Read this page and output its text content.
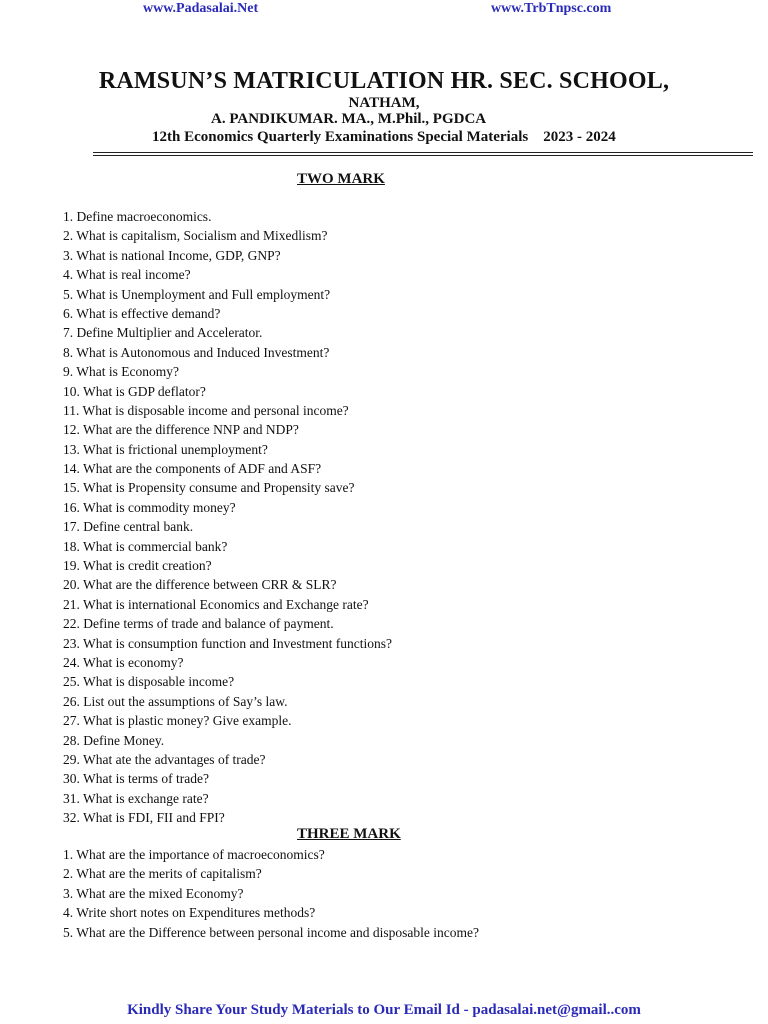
www.Padasalai.Net	www.TrbTnpsc.com
RAMSUN’S MATRICULATION HR. SEC. SCHOOL,
NATHAM,
A. PANDIKUMAR. MA., M.Phil., PGDCA
12th Economics Quarterly Examinations Special Materials    2023 - 2024
TWO MARK
1. Define macroeconomics.
2. What is capitalism, Socialism and Mixedlism?
3. What is national Income, GDP, GNP?
4. What is real income?
5. What is Unemployment and Full employment?
6. What is effective demand?
7. Define Multiplier and Accelerator.
8. What is Autonomous and Induced Investment?
9. What is Economy?
10. What is GDP deflator?
11. What is disposable income and personal income?
12. What are the difference NNP and NDP?
13. What is frictional unemployment?
14. What are the components of ADF and ASF?
15. What is Propensity consume and Propensity save?
16. What is commodity money?
17. Define central bank.
18. What is commercial bank?
19. What is credit creation?
20. What are the difference between CRR & SLR?
21. What is international Economics and Exchange rate?
22. Define terms of trade and balance of payment.
23. What is consumption function and Investment functions?
24. What is economy?
25. What is disposable income?
26. List out the assumptions of Say’s law.
27. What is plastic money? Give example.
28. Define Money.
29. What ate the advantages of trade?
30. What is terms of trade?
31. What is exchange rate?
32. What is FDI, FII and FPI?
THREE MARK
1. What are the importance of macroeconomics?
2. What are the merits of capitalism?
3. What are the mixed Economy?
4. Write short notes on Expenditures methods?
5. What are the Difference between personal income and disposable income?
Kindly Share Your Study Materials to Our Email Id - padasalai.net@gmail..com
